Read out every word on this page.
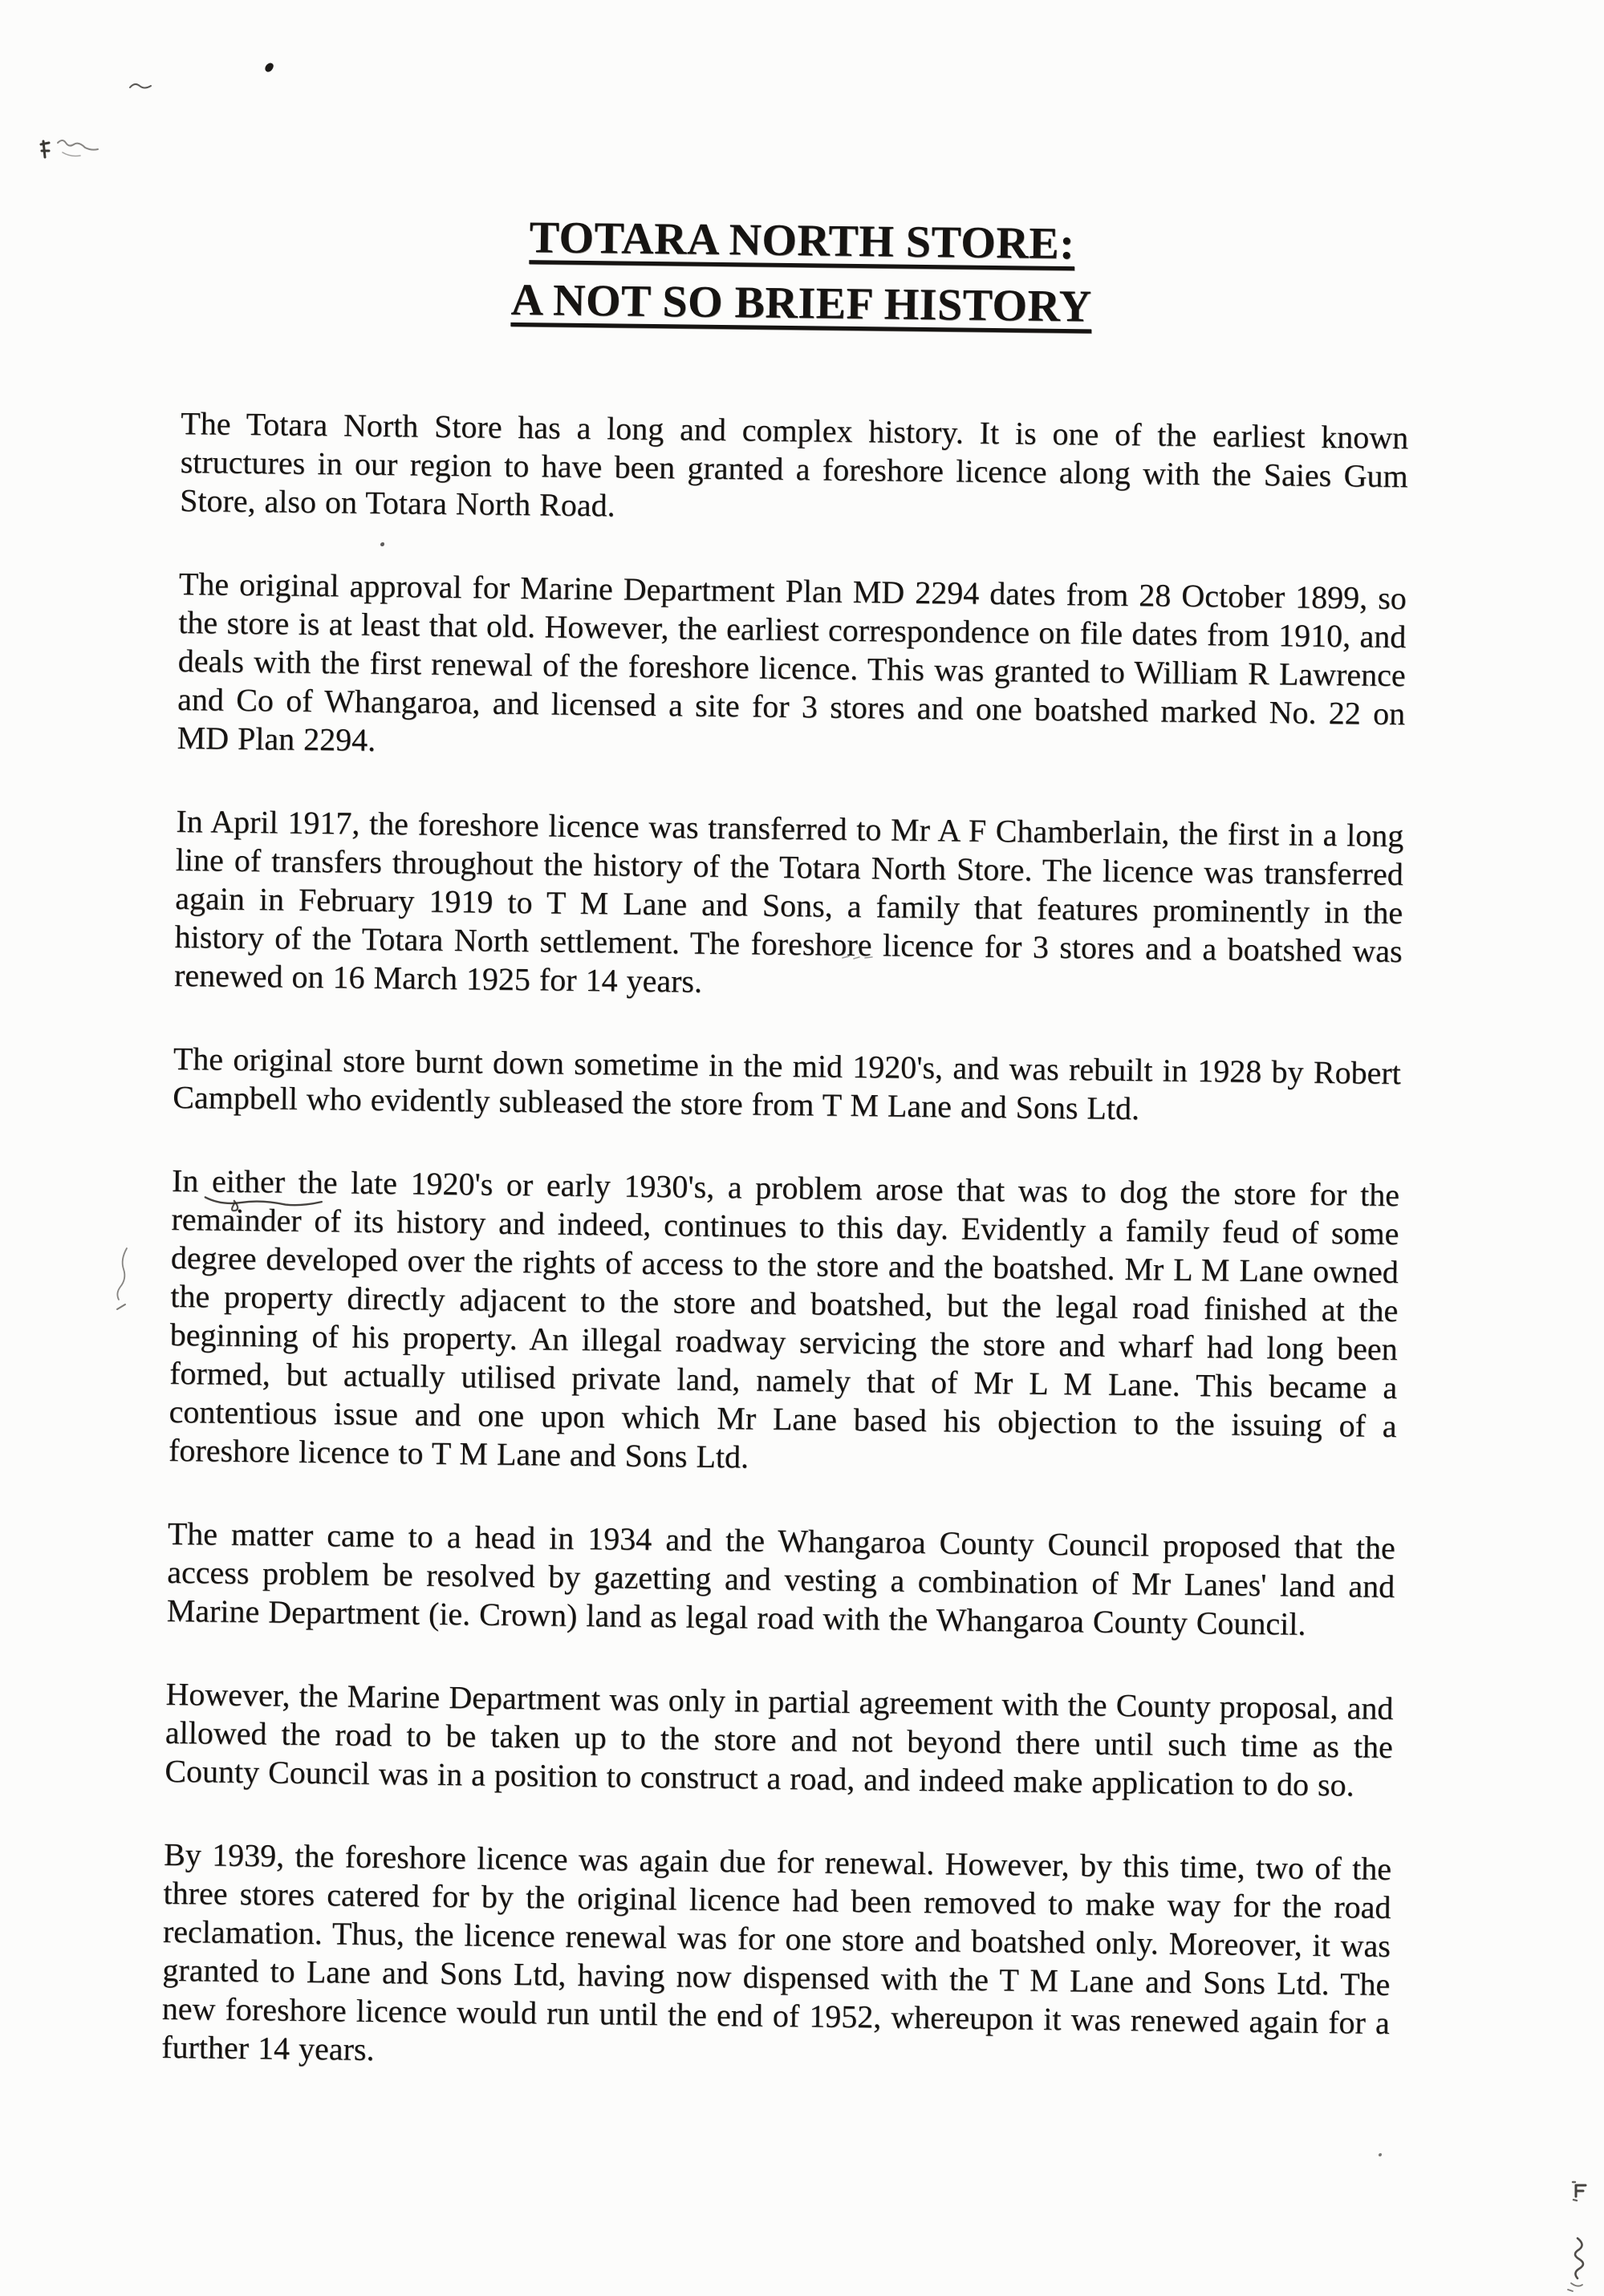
TOTARA NORTH STORE:
A NOT SO BRIEF HISTORY

The Totara North Store has a long and complex history. It is one of the earliest known structures in our region to have been granted a foreshore licence along with the Saies Gum Store, also on Totara North Road.

The original approval for Marine Department Plan MD 2294 dates from 28 October 1899, so the store is at least that old. However, the earliest correspondence on file dates from 1910, and deals with the first renewal of the foreshore licence. This was granted to William R Lawrence and Co of Whangaroa, and licensed a site for 3 stores and one boatshed marked No. 22 on MD Plan 2294.

In April 1917, the foreshore licence was transferred to Mr A F Chamberlain, the first in a long line of transfers throughout the history of the Totara North Store. The licence was transferred again in February 1919 to T M Lane and Sons, a family that features prominently in the history of the Totara North settlement. The foreshore licence for 3 stores and a boatshed was renewed on 16 March 1925 for 14 years.

The original store burnt down sometime in the mid 1920's, and was rebuilt in 1928 by Robert Campbell who evidently subleased the store from T M Lane and Sons Ltd.

In either the late 1920's or early 1930's, a problem arose that was to dog the store for the remainder of its history and indeed, continues to this day. Evidently a family feud of some degree developed over the rights of access to the store and the boatshed. Mr L M Lane owned the property directly adjacent to the store and boatshed, but the legal road finished at the beginning of his property. An illegal roadway servicing the store and wharf had long been formed, but actually utilised private land, namely that of Mr L M Lane. This became a contentious issue and one upon which Mr Lane based his objection to the issuing of a foreshore licence to T M Lane and Sons Ltd.

The matter came to a head in 1934 and the Whangaroa County Council proposed that the access problem be resolved by gazetting and vesting a combination of Mr Lanes' land and Marine Department (ie. Crown) land as legal road with the Whangaroa County Council.

However, the Marine Department was only in partial agreement with the County proposal, and allowed the road to be taken up to the store and not beyond there until such time as the County Council was in a position to construct a road, and indeed make application to do so.

By 1939, the foreshore licence was again due for renewal. However, by this time, two of the three stores catered for by the original licence had been removed to make way for the road reclamation. Thus, the licence renewal was for one store and boatshed only. Moreover, it was granted to Lane and Sons Ltd, having now dispensed with the T M Lane and Sons Ltd. The new foreshore licence would run until the end of 1952, whereupon it was renewed again for a further 14 years.
